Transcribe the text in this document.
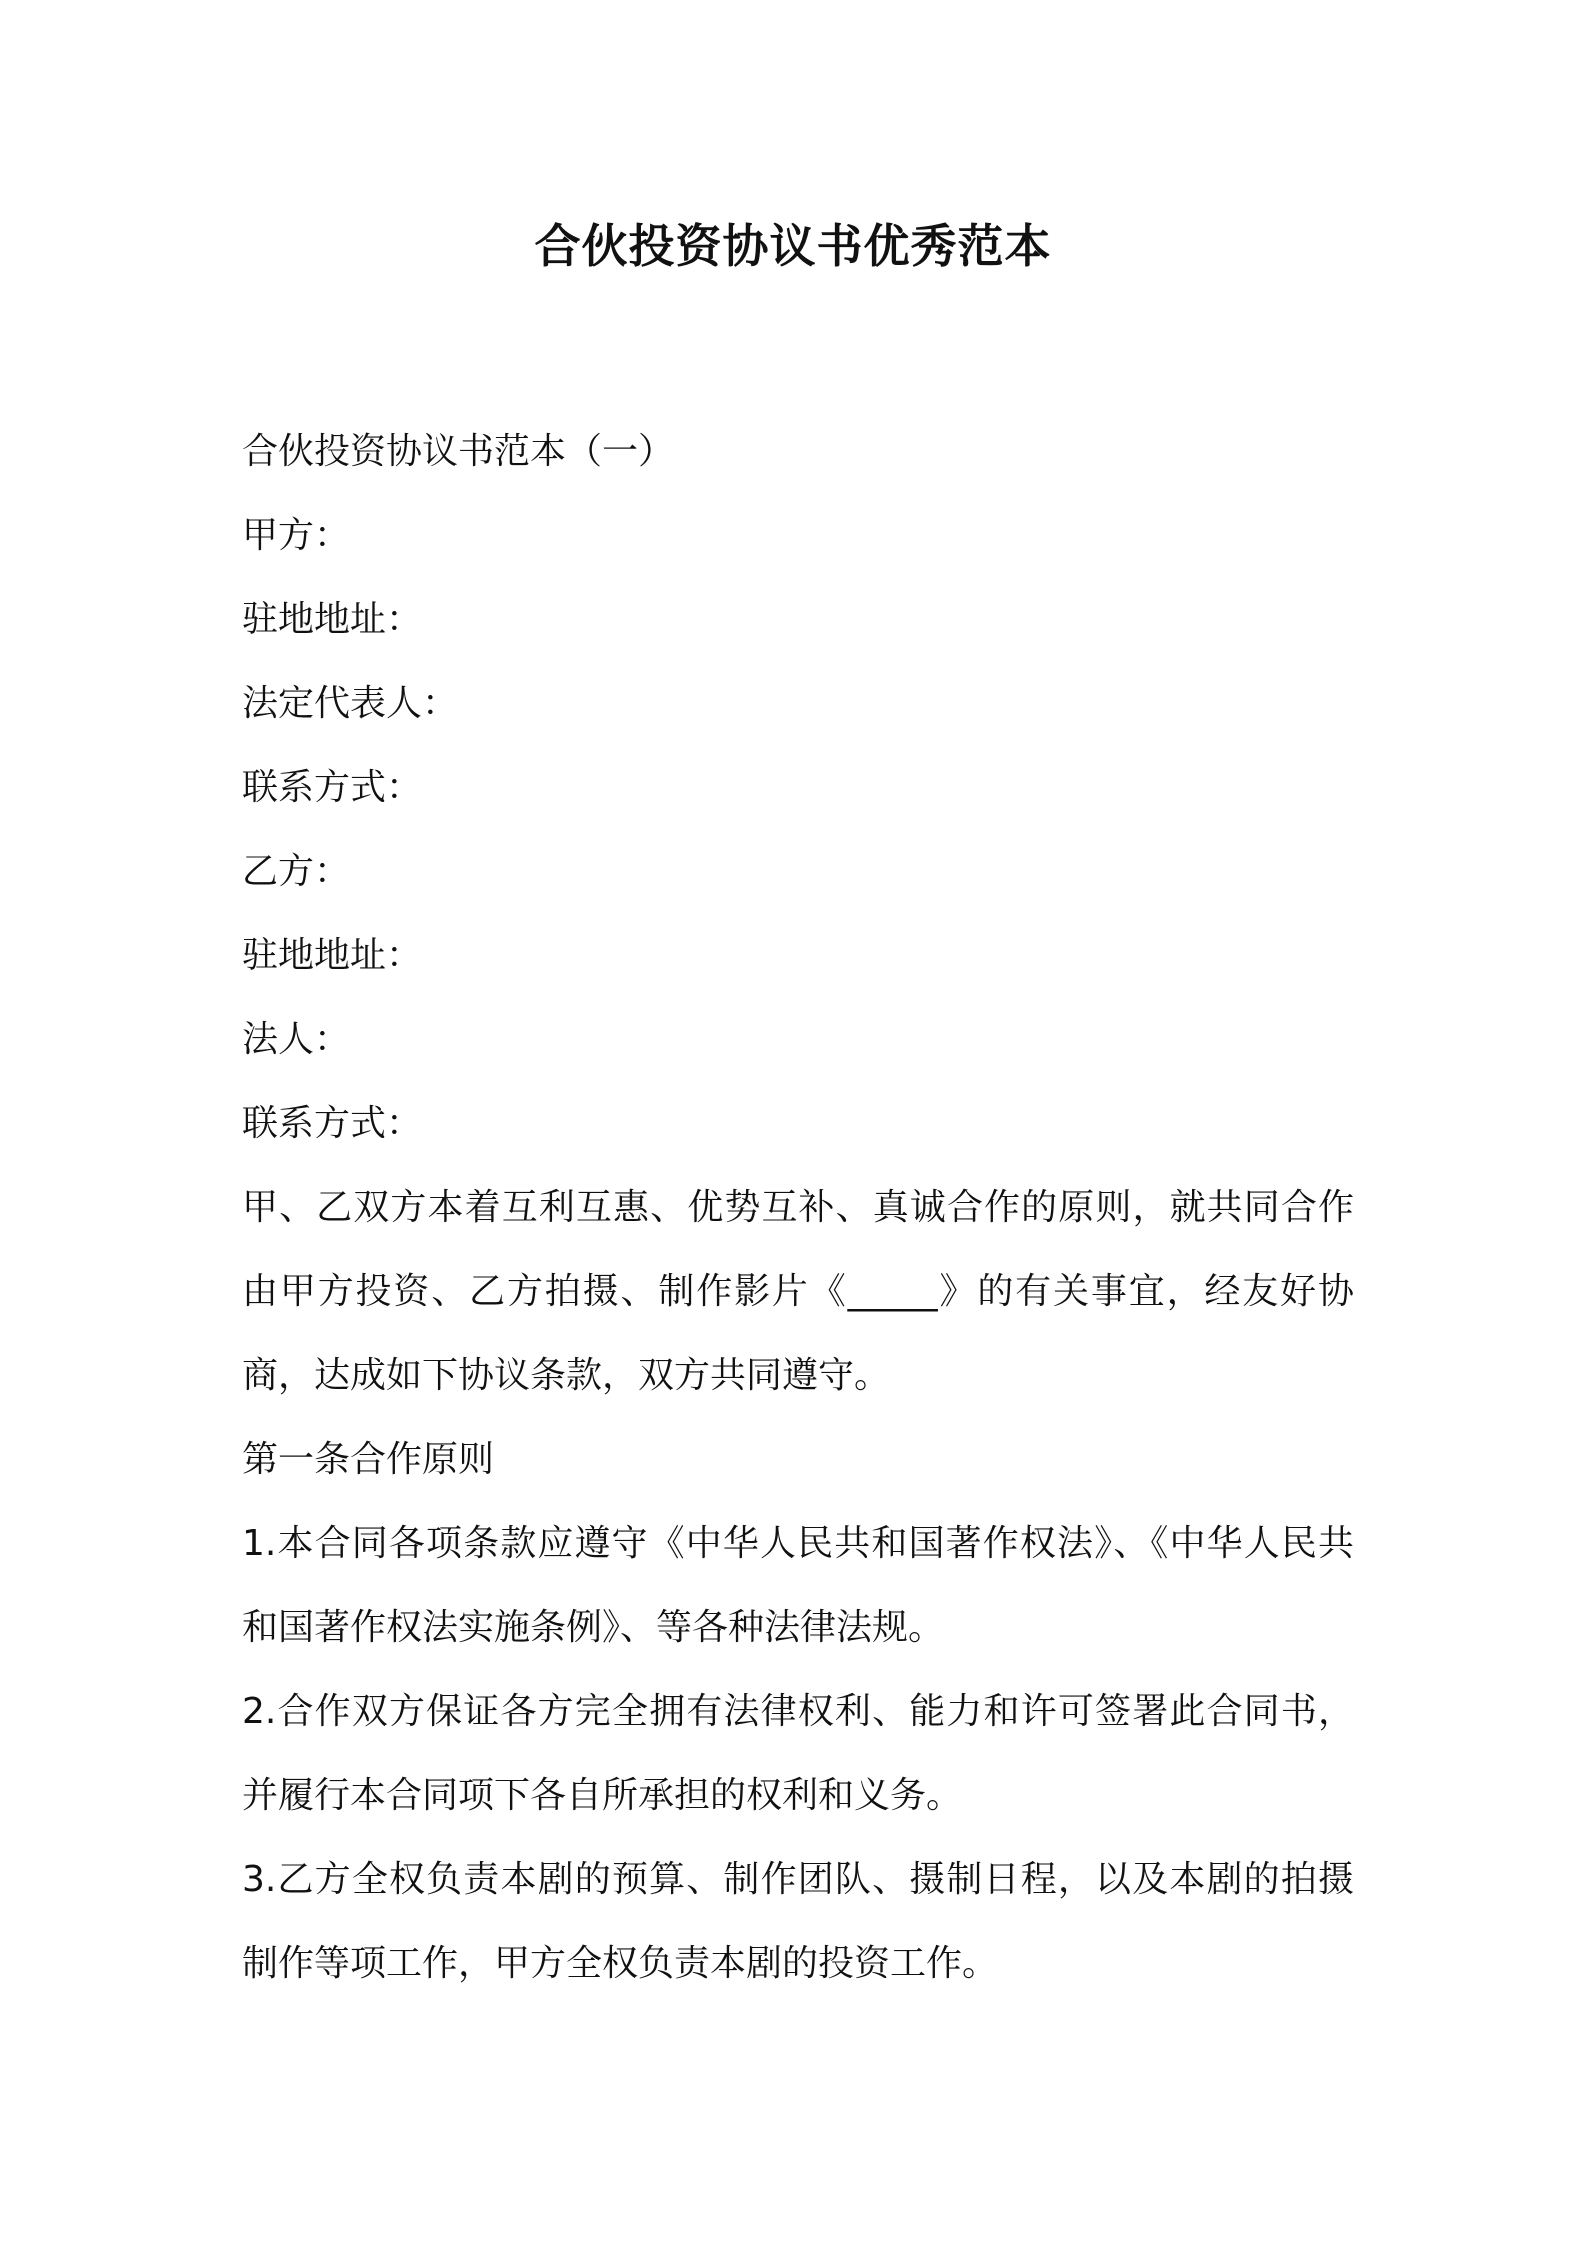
合伙投资协议书优秀范本

合伙投资协议书范本（一）

甲方：

驻地地址：

法定代表人：

联系方式：

乙方：

驻地地址：

法人：

联系方式：

甲、乙双方本着互利互惠、优势互补、真诚合作的原则，就共同合作由甲方投资、乙方拍摄、制作影片《_____》的有关事宜，经友好协商，达成如下协议条款，双方共同遵守。

第一条合作原则

1.本合同各项条款应遵守《中华人民共和国著作权法》、《中华人民共和国著作权法实施条例》、等各种法律法规。

2.合作双方保证各方完全拥有法律权利、能力和许可签署此合同书，并履行本合同项下各自所承担的权利和义务。

3.乙方全权负责本剧的预算、制作团队、摄制日程，以及本剧的拍摄制作等项工作，甲方全权负责本剧的投资工作。
